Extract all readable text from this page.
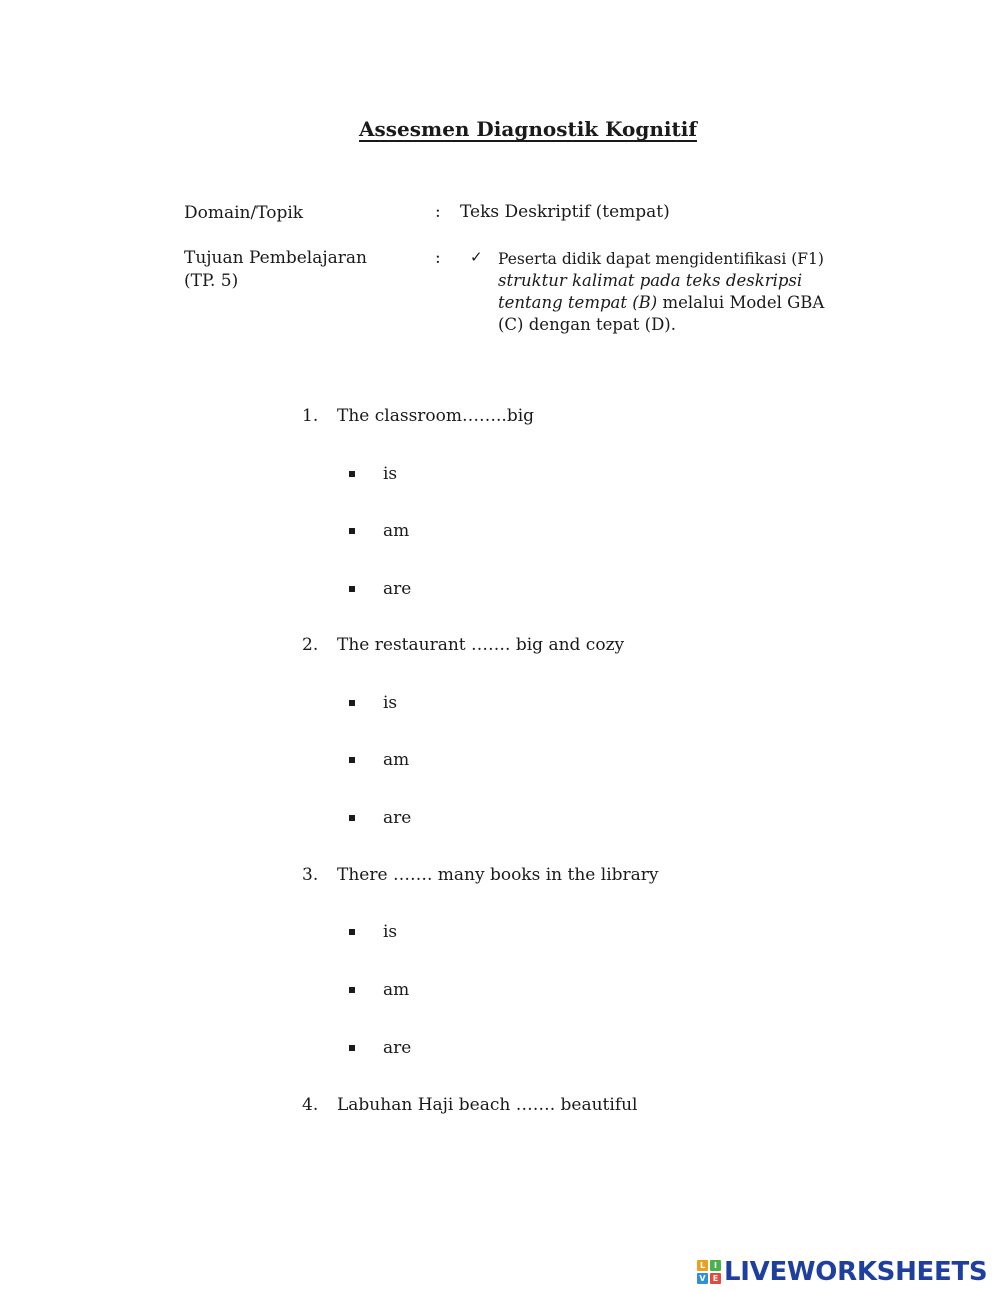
Assesmen Diagnostik Kognitif
Domain/Topik	: Teks Deskriptif (tempat)
Tujuan Pembelajaran
(TP. 5)
: ✓ Peserta didik dapat mengidentifikasi (F1)
struktur kalimat pada teks deskripsi
tentang tempat (B) melalui Model GBA
(C) dengan tepat (D).
1. The classroom……..big
is
am
are
2. The restaurant ……. big and cozy
is
am
are
3. There ……. many books in the library
is
am
are
4. Labuhan Haji beach ……. beautiful
L	I
V E LIVEWORKSHEETS
